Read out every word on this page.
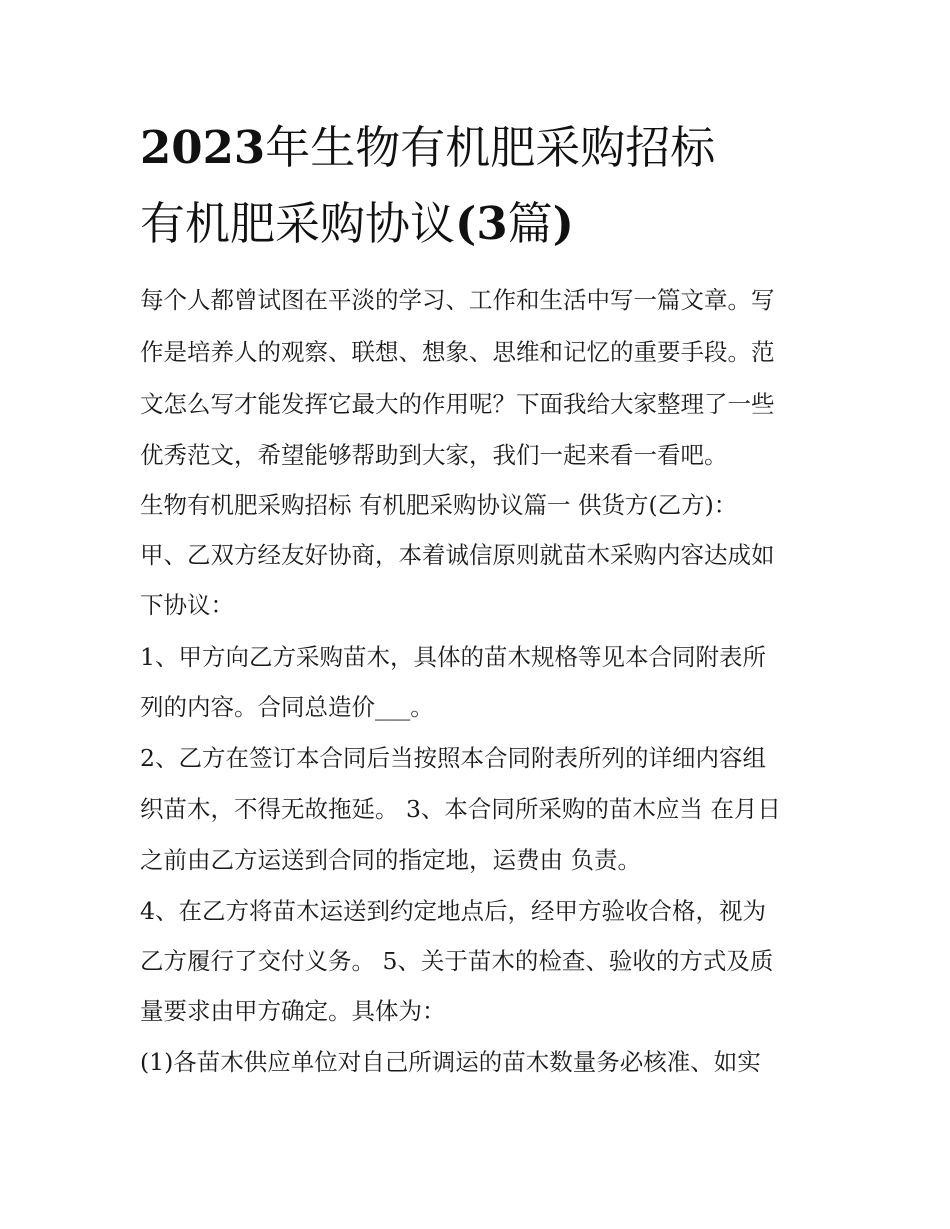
2023年生物有机肥采购招标
有机肥采购协议(3篇)
每个人都曾试图在平淡的学习、工作和生活中写一篇文章。写
作是培养人的观察、联想、想象、思维和记忆的重要手段。范
文怎么写才能发挥它最大的作用呢？下面我给大家整理了一些
优秀范文，希望能够帮助到大家，我们一起来看一看吧。
生物有机肥采购招标 有机肥采购协议篇一 供货方(乙方)：
甲、乙双方经友好协商，本着诚信原则就苗木采购内容达成如
下协议：
1、甲方向乙方采购苗木，具体的苗木规格等见本合同附表所
列的内容。合同总造价___。
2、乙方在签订本合同后当按照本合同附表所列的详细内容组
织苗木，不得无故拖延。 3、本合同所采购的苗木应当 在月日
之前由乙方运送到合同的指定地，运费由 负责。
4、在乙方将苗木运送到约定地点后，经甲方验收合格，视为
乙方履行了交付义务。 5、关于苗木的检查、验收的方式及质
量要求由甲方确定。具体为：
(1)各苗木供应单位对自己所调运的苗木数量务必核准、如实
